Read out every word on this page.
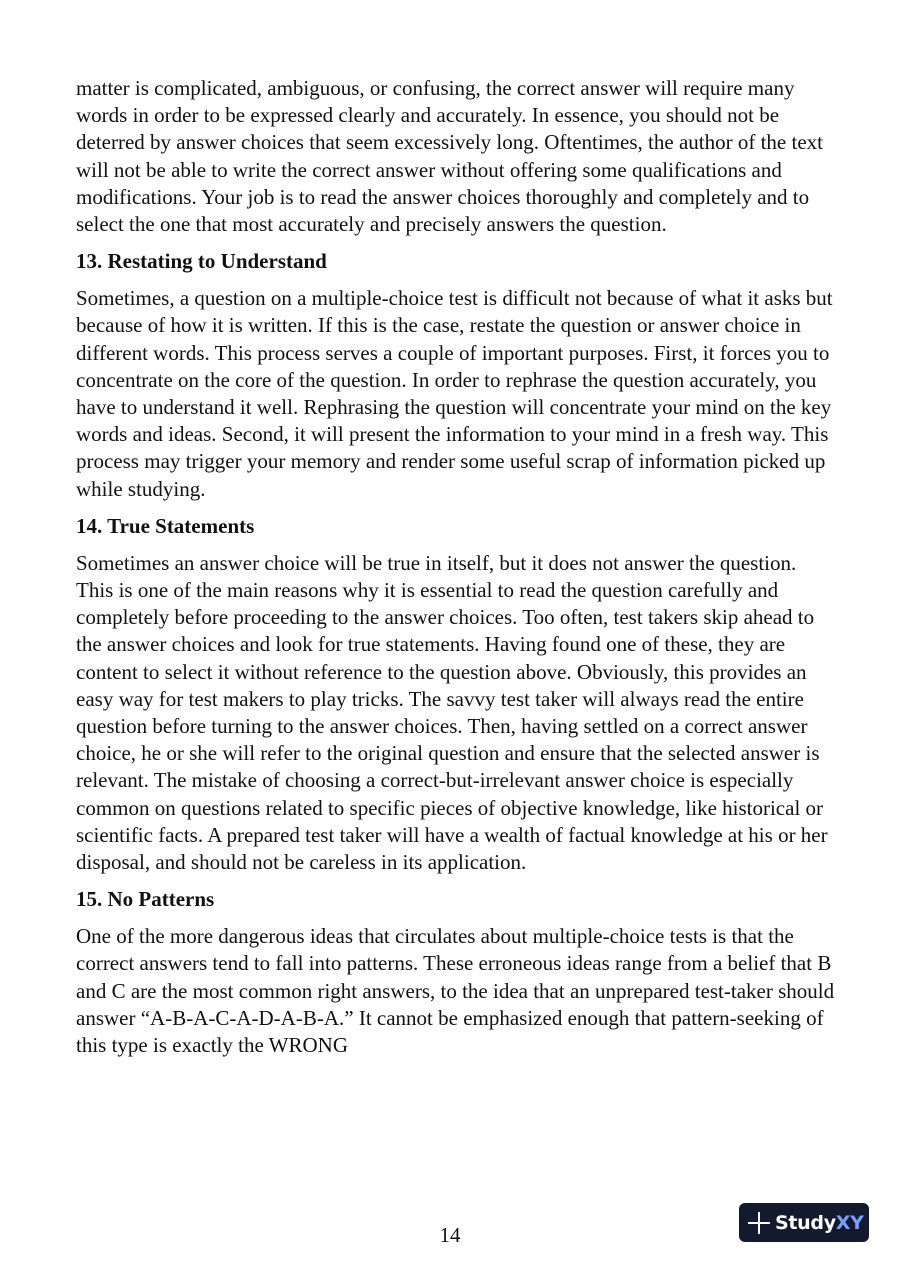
matter is complicated, ambiguous, or confusing, the correct answer will require many words in order to be expressed clearly and accurately. In essence, you should not be deterred by answer choices that seem excessively long. Oftentimes, the author of the text will not be able to write the correct answer without offering some qualifications and modifications. Your job is to read the answer choices thoroughly and completely and to select the one that most accurately and precisely answers the question.

13. Restating to Understand

Sometimes, a question on a multiple-choice test is difficult not because of what it asks but because of how it is written. If this is the case, restate the question or answer choice in different words. This process serves a couple of important purposes. First, it forces you to concentrate on the core of the question. In order to rephrase the question accurately, you have to understand it well. Rephrasing the question will concentrate your mind on the key words and ideas. Second, it will present the information to your mind in a fresh way. This process may trigger your memory and render some useful scrap of information picked up while studying.

14. True Statements

Sometimes an answer choice will be true in itself, but it does not answer the question. This is one of the main reasons why it is essential to read the question carefully and completely before proceeding to the answer choices. Too often, test takers skip ahead to the answer choices and look for true statements. Having found one of these, they are content to select it without reference to the question above. Obviously, this provides an easy way for test makers to play tricks. The savvy test taker will always read the entire question before turning to the answer choices. Then, having settled on a correct answer choice, he or she will refer to the original question and ensure that the selected answer is relevant. The mistake of choosing a correct-but-irrelevant answer choice is especially common on questions related to specific pieces of objective knowledge, like historical or scientific facts. A prepared test taker will have a wealth of factual knowledge at his or her disposal, and should not be careless in its application.

15. No Patterns

One of the more dangerous ideas that circulates about multiple-choice tests is that the correct answers tend to fall into patterns. These erroneous ideas range from a belief that B and C are the most common right answers, to the idea that an unprepared test-taker should answer “A-B-A-C-A-D-A-B-A.” It cannot be emphasized enough that pattern-seeking of this type is exactly the WRONG

14
StudyXY
